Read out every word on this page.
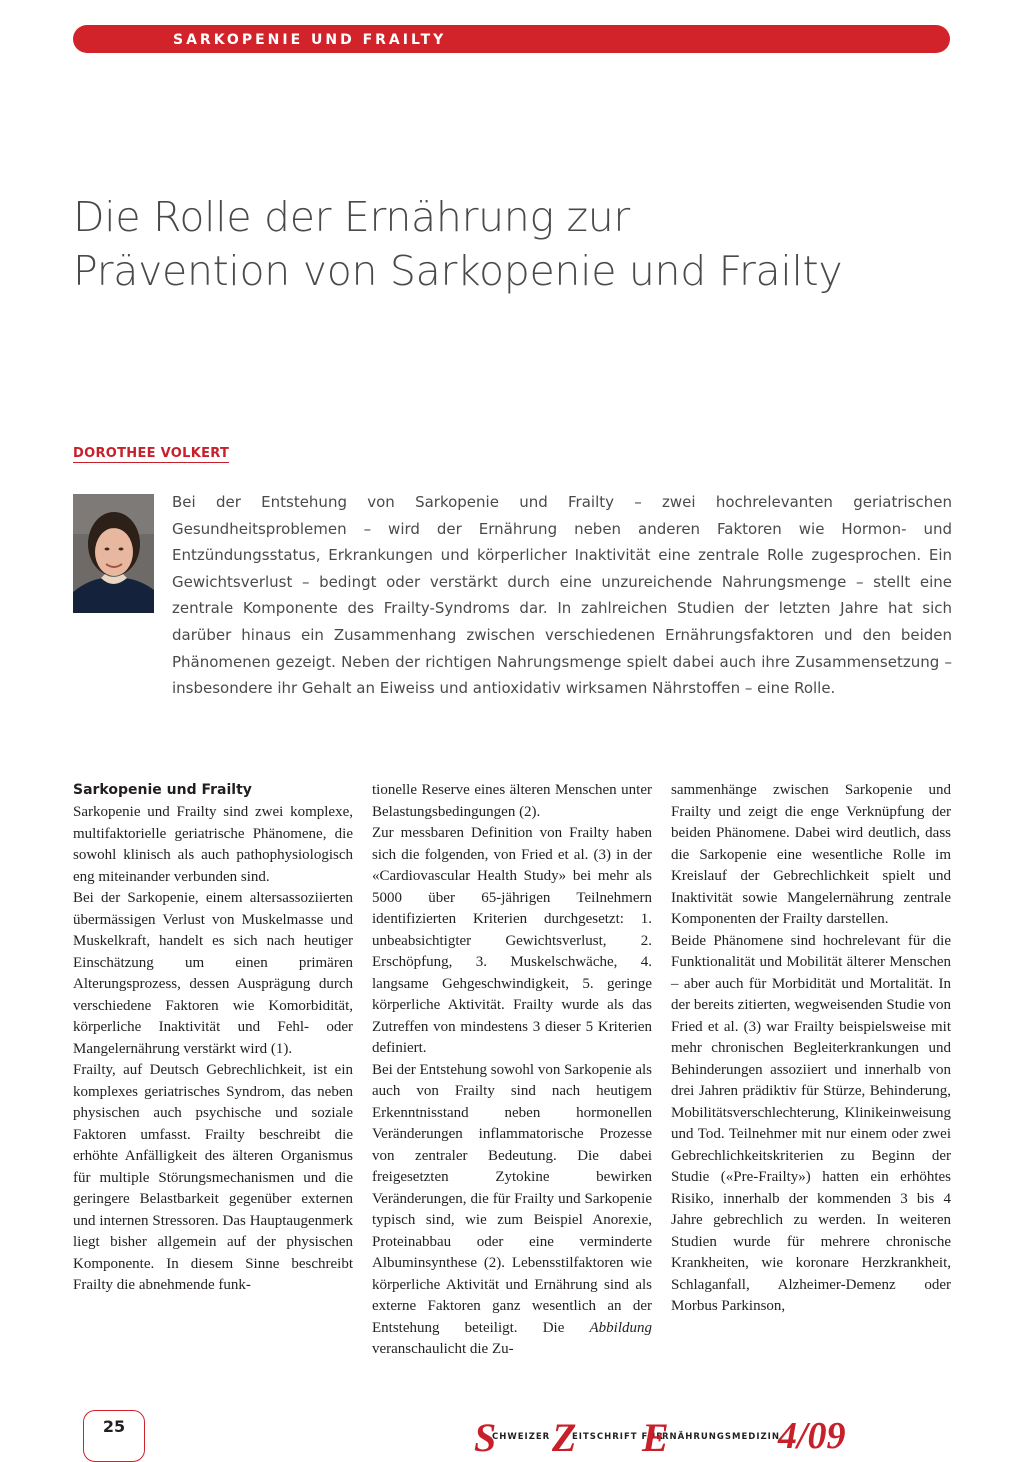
SARKOPENIE UND FRAILTY
Die Rolle der Ernährung zur
Prävention von Sarkopenie und Frailty
DOROTHEE VOLKERT

Bei der Entstehung von Sarkopenie und Frailty – zwei hochrelevanten geriatrischen Gesundheitsproblemen – wird der Ernährung neben anderen Faktoren wie Hormon- und Entzündungsstatus, Erkrankungen und körperlicher Inaktivität eine zentrale Rolle zugesprochen. Ein Gewichtsverlust – bedingt oder verstärkt durch eine unzureichende Nahrungsmenge – stellt eine zentrale Komponente des Frailty-Syndroms dar. In zahlreichen Studien der letzten Jahre hat sich darüber hinaus ein Zusammenhang zwischen verschiedenen Ernährungsfaktoren und den beiden Phänomenen gezeigt. Neben der richtigen Nahrungsmenge spielt dabei auch ihre Zusammensetzung – insbesondere ihr Gehalt an Eiweiss und antioxidativ wirksamen Nährstoffen – eine Rolle.

Sarkopenie und Frailty

Sarkopenie und Frailty sind zwei komplexe, multifaktorielle geriatrische Phänomene, die sowohl klinisch als auch pathophysiologisch eng miteinander verbunden sind.

Bei der Sarkopenie, einem altersassoziierten übermässigen Verlust von Muskelmasse und Muskelkraft, handelt es sich nach heutiger Einschätzung um einen primären Alterungsprozess, dessen Ausprägung durch verschiedene Faktoren wie Komorbidität, körperliche Inaktivität und Fehl- oder Mangelernährung verstärkt wird (1).

Frailty, auf Deutsch Gebrechlichkeit, ist ein komplexes geriatrisches Syndrom, das neben physischen auch psychische und soziale Faktoren umfasst. Frailty beschreibt die erhöhte Anfälligkeit des älteren Organismus für multiple Störungsmechanismen und die geringere Belastbarkeit gegenüber externen und internen Stressoren. Das Hauptaugenmerk liegt bisher allgemein auf der physischen Komponente. In diesem Sinne beschreibt Frailty die abnehmende funk-

tionelle Reserve eines älteren Menschen unter Belastungsbedingungen (2).

Zur messbaren Definition von Frailty haben sich die folgenden, von Fried et al. (3) in der «Cardiovascular Health Study» bei mehr als 5000 über 65-jährigen Teilnehmern identifizierten Kriterien durchgesetzt: 1. unbeabsichtigter Gewichtsverlust, 2. Erschöpfung, 3. Muskelschwäche, 4. langsame Gehgeschwindigkeit, 5. geringe körperliche Aktivität. Frailty wurde als das Zutreffen von mindestens 3 dieser 5 Kriterien definiert.

Bei der Entstehung sowohl von Sarkopenie als auch von Frailty sind nach heutigem Erkenntnisstand neben hormonellen Veränderungen inflammatorische Prozesse von zentraler Bedeutung. Die dabei freigesetzten Zytokine bewirken Veränderungen, die für Frailty und Sarkopenie typisch sind, wie zum Beispiel Anorexie, Proteinabbau oder eine verminderte Albuminsynthese (2). Lebensstilfaktoren wie körperliche Aktivität und Ernährung sind als externe Faktoren ganz wesentlich an der Entstehung beteiligt. Die Abbildung veranschaulicht die Zu-

sammenhänge zwischen Sarkopenie und Frailty und zeigt die enge Verknüpfung der beiden Phänomene. Dabei wird deutlich, dass die Sarkopenie eine wesentliche Rolle im Kreislauf der Gebrechlichkeit spielt und Inaktivität sowie Mangelernährung zentrale Komponenten der Frailty darstellen.

Beide Phänomene sind hochrelevant für die Funktionalität und Mobilität älterer Menschen – aber auch für Morbidität und Mortalität. In der bereits zitierten, wegweisenden Studie von Fried et al. (3) war Frailty beispielsweise mit mehr chronischen Begleiterkrankungen und Behinderungen assoziiert und innerhalb von drei Jahren prädiktiv für Stürze, Behinderung, Mobilitätsverschlechterung, Klinikeinweisung und Tod. Teilnehmer mit nur einem oder zwei Gebrechlichkeitskriterien zu Beginn der Studie («Pre-Frailty») hatten ein erhöhtes Risiko, innerhalb der kommenden 3 bis 4 Jahre gebrechlich zu werden. In weiteren Studien wurde für mehrere chronische Krankheiten, wie koronare Herzkrankheit, Schlaganfall, Alzheimer-Demenz oder Morbus Parkinson,

25	S
CHWEIZER Z
EITSCHRIFT FÜR
E
RNÄHRUNGSMEDIZIN
4/09
